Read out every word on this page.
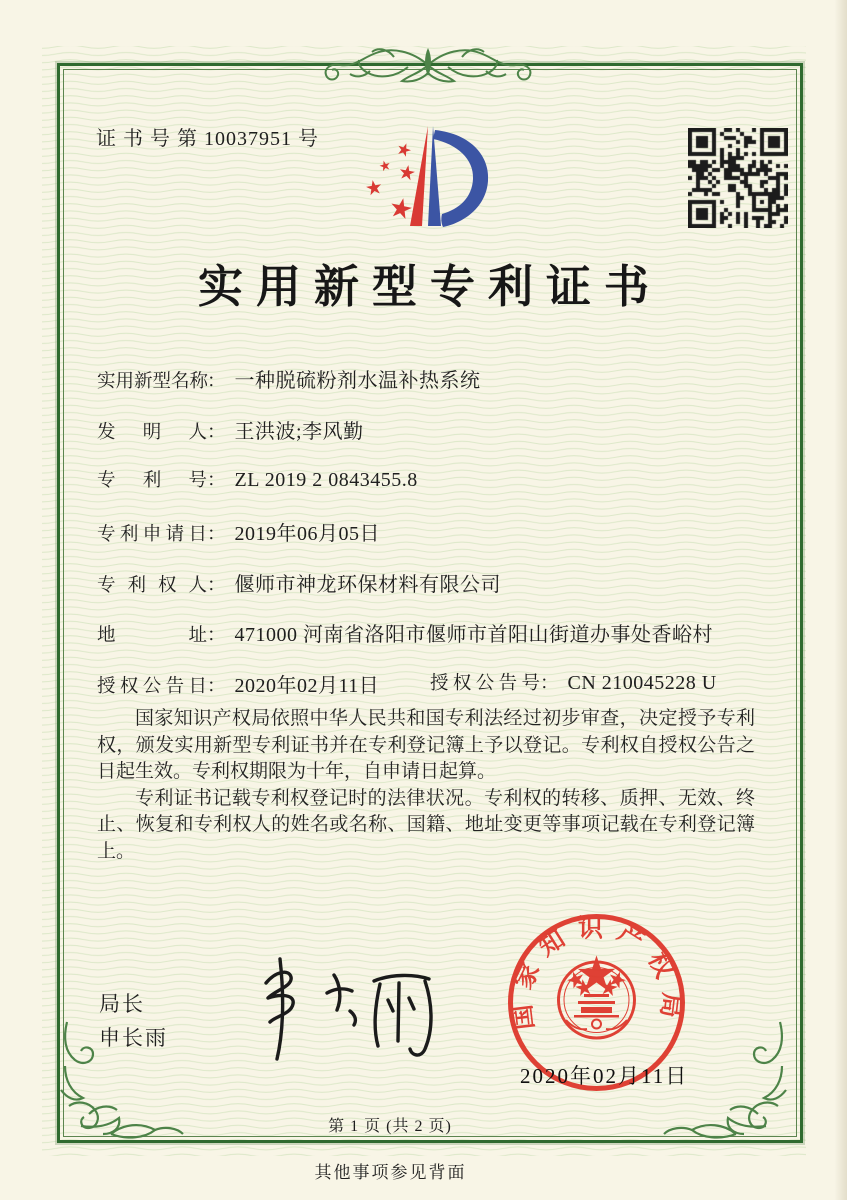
证 书 号 第 10037951 号
实用新型专利证书
实用新型名称
： 一种脱硫粉剂水温补热系统
发明人 ： 王洪波;李风勤
专利号 ： ZL 2019 2 0843455.8
专利申请日 ： 2019年06月05日
专利权人 ： 偃师市神龙环保材料有限公司
地址 ： 471000 河南省洛阳市偃师市首阳山街道办事处香峪村
授权公告日 ： 2020年02月11日	授权公告号 ： CN 210045228 U

国家知识产权局依照中华人民共和国专利法经过初步审查，决定授予专利权，颁发实用新型专利证书并在专利登记簿上予以登记。专利权自授权公告之日起生效。专利权期限为十年，自申请日起算。

专利证书记载专利权登记时的法律状况。专利权的转移、质押、无效、终止、恢复和专利权人的姓名或名称、国籍、地址变更等事项记载在专利登记簿上。

局长
申长雨
国家知识产权局
2020年02月11日
第 1 页 (共 2 页)
其他事项参见背面
